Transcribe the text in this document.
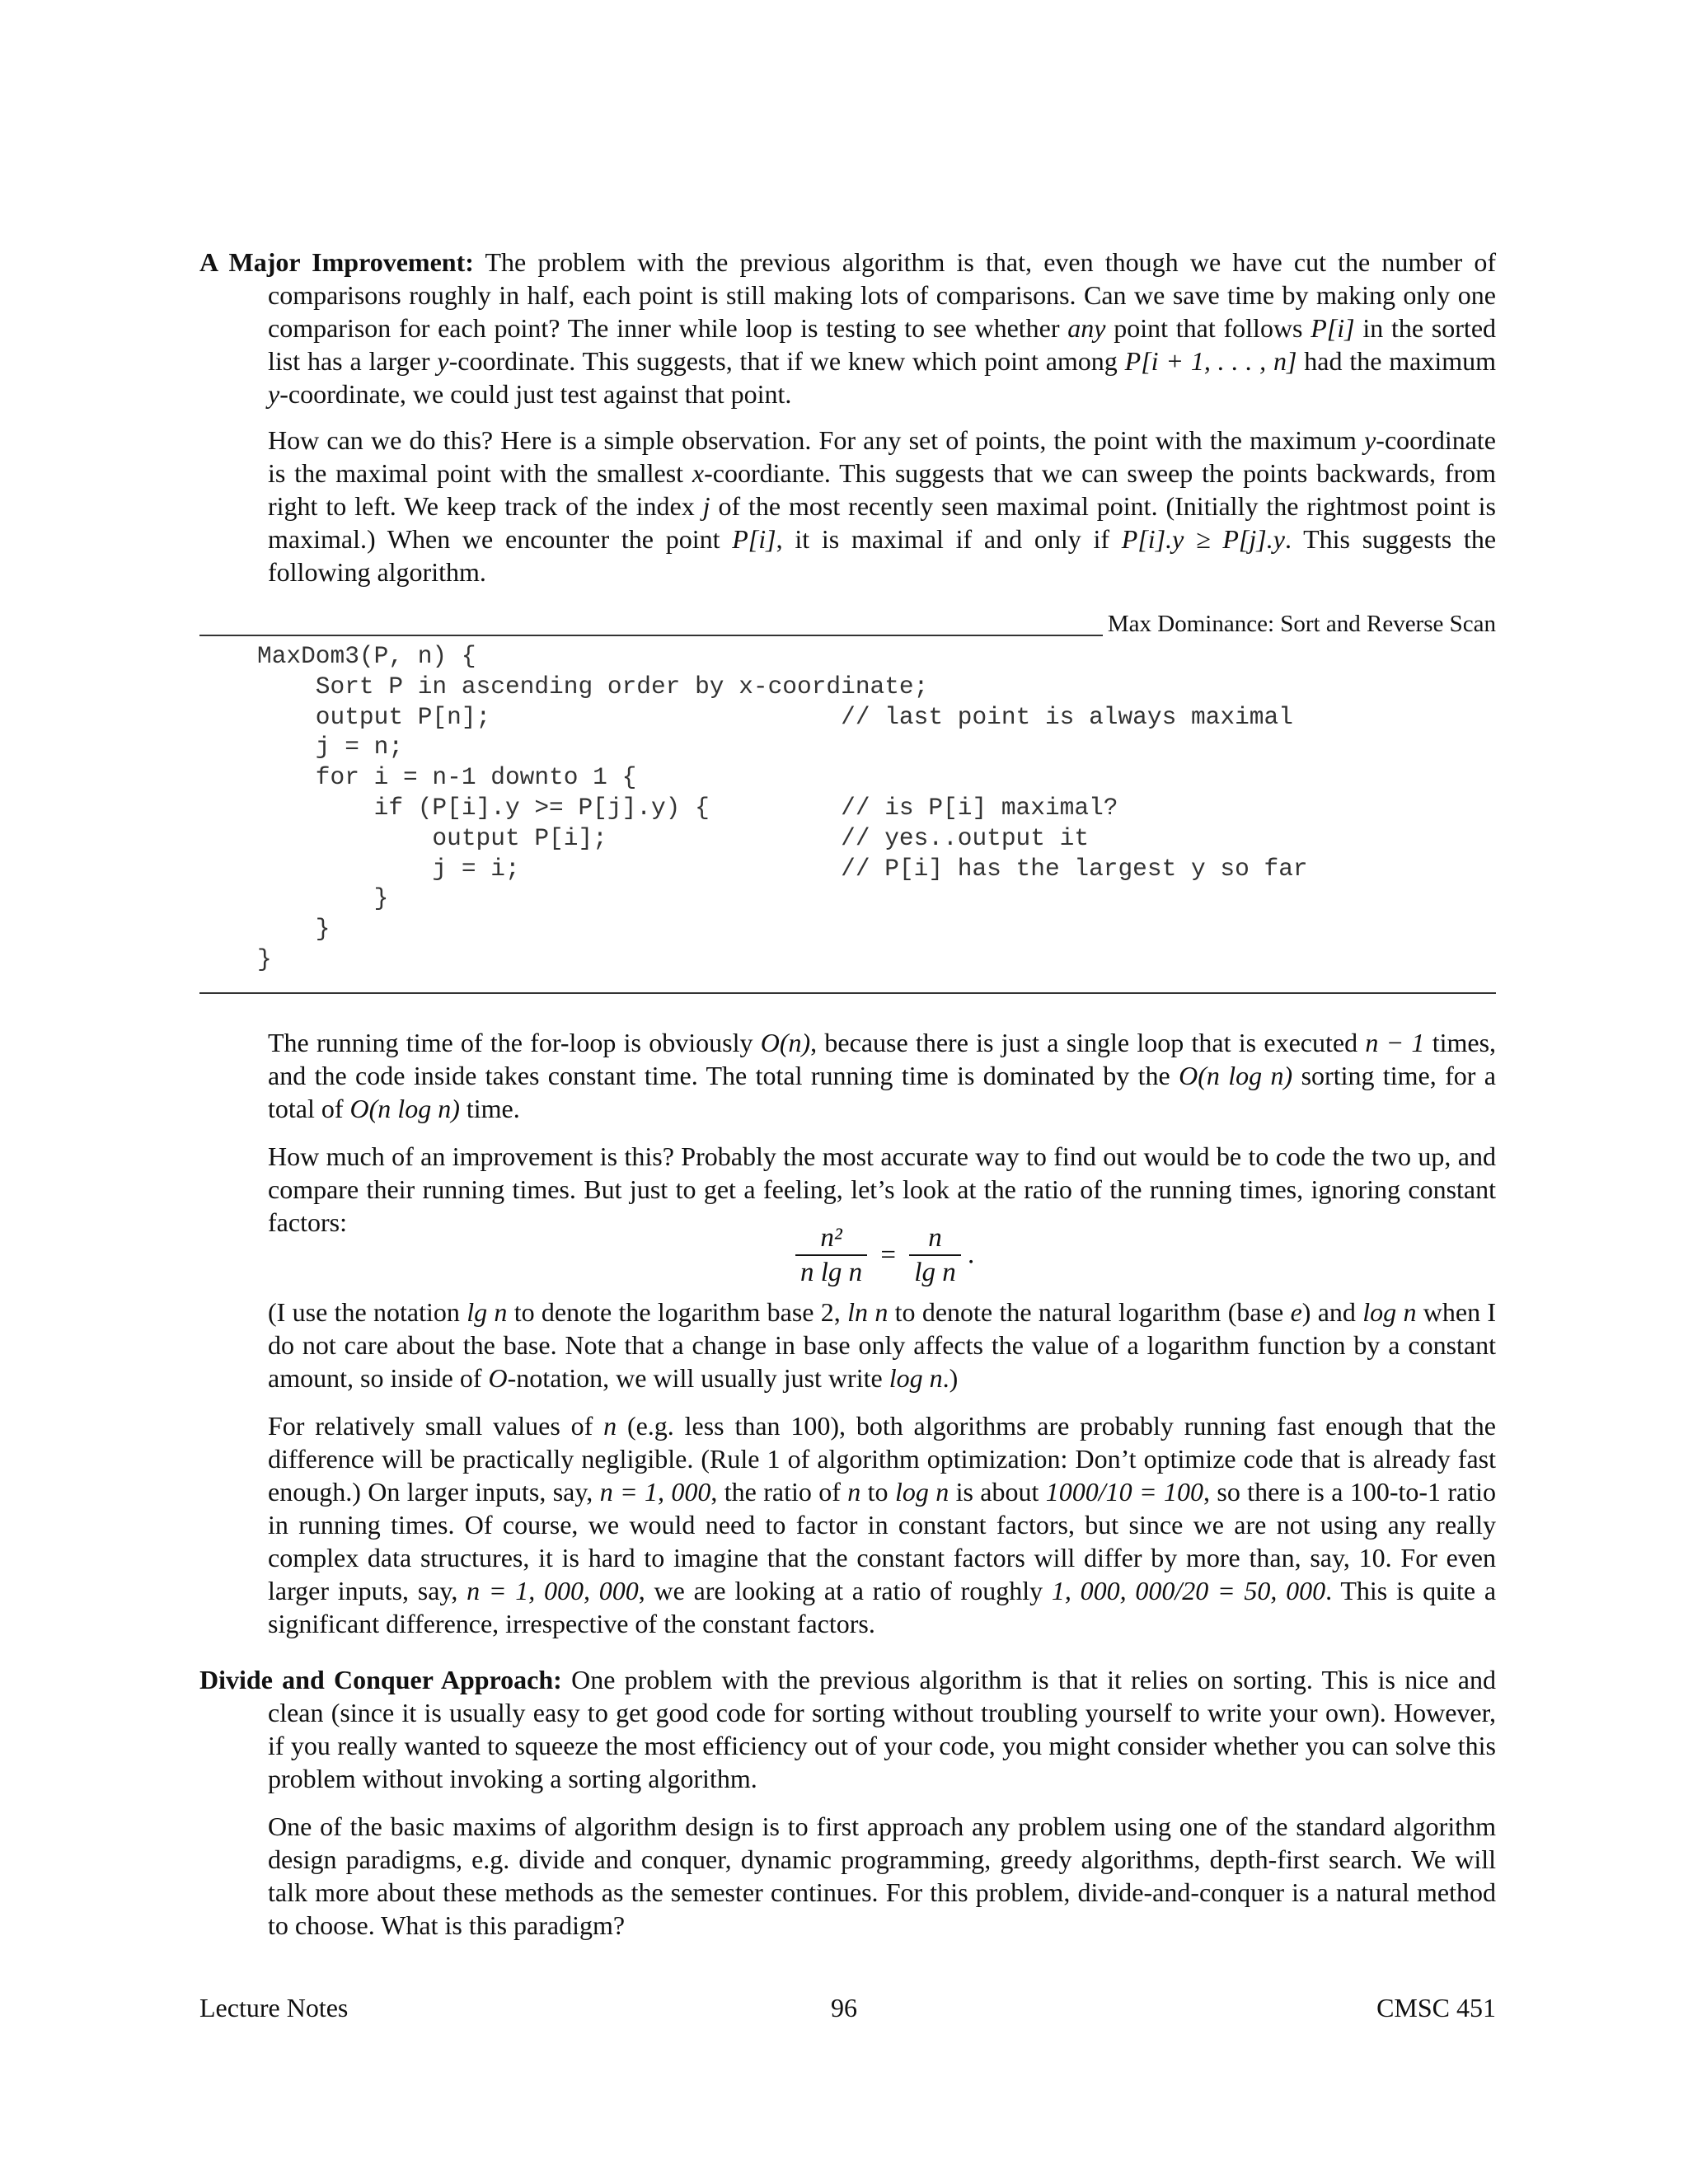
A Major Improvement: The problem with the previous algorithm is that, even though we have cut the number of comparisons roughly in half, each point is still making lots of comparisons. Can we save time by making only one comparison for each point? The inner while loop is testing to see whether any point that follows P[i] in the sorted list has a larger y-coordinate. This suggests, that if we knew which point among P[i + 1, . . . , n] had the maximum y-coordinate, we could just test against that point.

How can we do this? Here is a simple observation. For any set of points, the point with the maximum y-coordinate is the maximal point with the smallest x-coordiante. This suggests that we can sweep the points backwards, from right to left. We keep track of the index j of the most recently seen maximal point. (Initially the rightmost point is maximal.) When we encounter the point P[i], it is maximal if and only if P[i].y ≥ P[j].y. This suggests the following algorithm.

Max Dominance: Sort and Reverse Scan
MaxDom3(P, n) {
Sort P in ascending order by x-coordinate;
output P[n];                        // last point is always maximal
j = n;
for i = n-1 downto 1 {
if (P[i].y >= P[j].y) {         // is P[i] maximal?
output P[i];                // yes..output it
j = i;                      // P[i] has the largest y so far
}
}
}

The running time of the for-loop is obviously O(n), because there is just a single loop that is executed n − 1 times, and the code inside takes constant time. The total running time is dominated by the O(n log n) sorting time, for a total of O(n log n) time.

How much of an improvement is this? Probably the most accurate way to find out would be to code the two up, and compare their running times. But just to get a feeling, let’s look at the ratio of the running times, ignoring constant factors:	$\frac{\text{n²}}{\text{n lg n}} = \frac{n}{\text{lg n}}$ .

(I use the notation lg n to denote the logarithm base 2, ln n to denote the natural logarithm (base e) and log n when I do not care about the base. Note that a change in base only affects the value of a logarithm function by a constant amount, so inside of O-notation, we will usually just write log n.)

For relatively small values of n (e.g. less than 100), both algorithms are probably running fast enough that the difference will be practically negligible. (Rule 1 of algorithm optimization: Don’t optimize code that is already fast enough.) On larger inputs, say, n = 1, 000, the ratio of n to log n is about 1000/10 = 100, so there is a 100-to-1 ratio in running times. Of course, we would need to factor in constant factors, but since we are not using any really complex data structures, it is hard to imagine that the constant factors will differ by more than, say, 10. For even larger inputs, say, n = 1, 000, 000, we are looking at a ratio of roughly 1, 000, 000/20 = 50, 000. This is quite a significant difference, irrespective of the constant factors.

Divide and Conquer Approach: One problem with the previous algorithm is that it relies on sorting. This is nice and clean (since it is usually easy to get good code for sorting without troubling yourself to write your own). However, if you really wanted to squeeze the most efficiency out of your code, you might consider whether you can solve this problem without invoking a sorting algorithm.

One of the basic maxims of algorithm design is to first approach any problem using one of the standard algorithm design paradigms, e.g. divide and conquer, dynamic programming, greedy algorithms, depth-first search. We will talk more about these methods as the semester continues. For this problem, divide-and-conquer is a natural method to choose. What is this paradigm?

Lecture Notes	96	CMSC 451
